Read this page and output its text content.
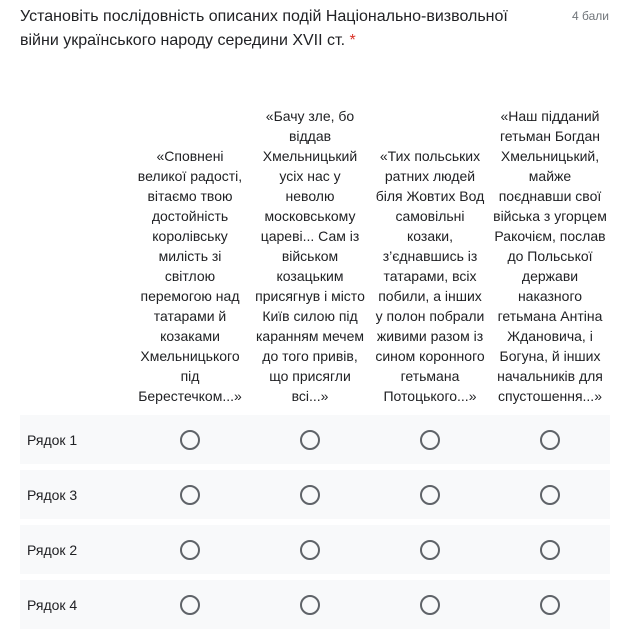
Установіть послідовність описаних подій Національно-визвольної війни українського народу середини XVII ст. *
4 бали
«Сповнені великої радості, вітаємо твою достойність королівську милість зі світлою перемогою над татарами й козаками Хмельницького під Берестечком...»
«Бачу зле, бо віддав Хмельницький усіх нас у неволю московському цареві... Сам із військом козацьким присягнув і місто Київ силою під каранням мечем до того привів, що присягли всі...»
«Тих польських ратних людей біля Жовтих Вод самовільні козаки, з’єднавшись із татарами, всіх побили, а інших у полон побрали живими разом із сином коронного гетьмана Потоцького...»
«Наш підданий гетьман Богдан Хмельницький, майже поєднавши свої війська з угорцем Ракочієм, послав до Польської держави наказного гетьмана Антіна Ждановича, і Богуна, й інших начальників для спустошення...»
Рядок 1
Рядок 3
Рядок 2
Рядок 4
